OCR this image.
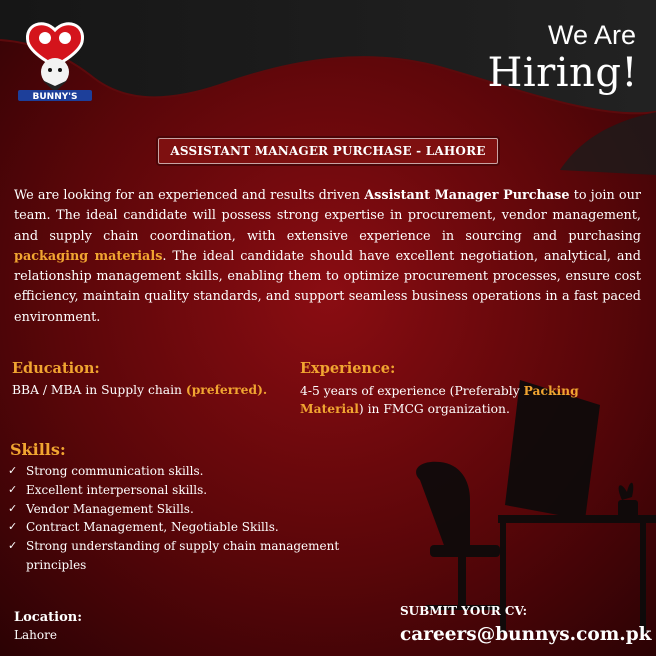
BUNNY'S
We Are
Hiring!
ASSISTANT MANAGER PURCHASE - LAHORE

We are looking for an experienced and results driven Assistant Manager Purchase to join our team. The ideal candidate will possess strong expertise in procurement, vendor management, and supply chain coordination, with extensive experience in sourcing and purchasing packaging materials. The ideal candidate should have excellent negotiation, analytical, and relationship management skills, enabling them to optimize procurement processes, ensure cost efficiency, maintain quality standards, and support seamless business operations in a fast paced environment.

Education:
BBA / MBA in Supply chain (preferred).
Experience:
4-5 years of experience (Preferably Packing Material) in FMCG organization.
Skills:
✓ Strong communication skills.
✓ Excellent interpersonal skills.
✓ Vendor Management Skills.
✓ Contract Management, Negotiable Skills.
✓ Strong understanding of supply chain management principles
Location:
Lahore
SUBMIT YOUR CV:
careers@bunnys.com.pk
